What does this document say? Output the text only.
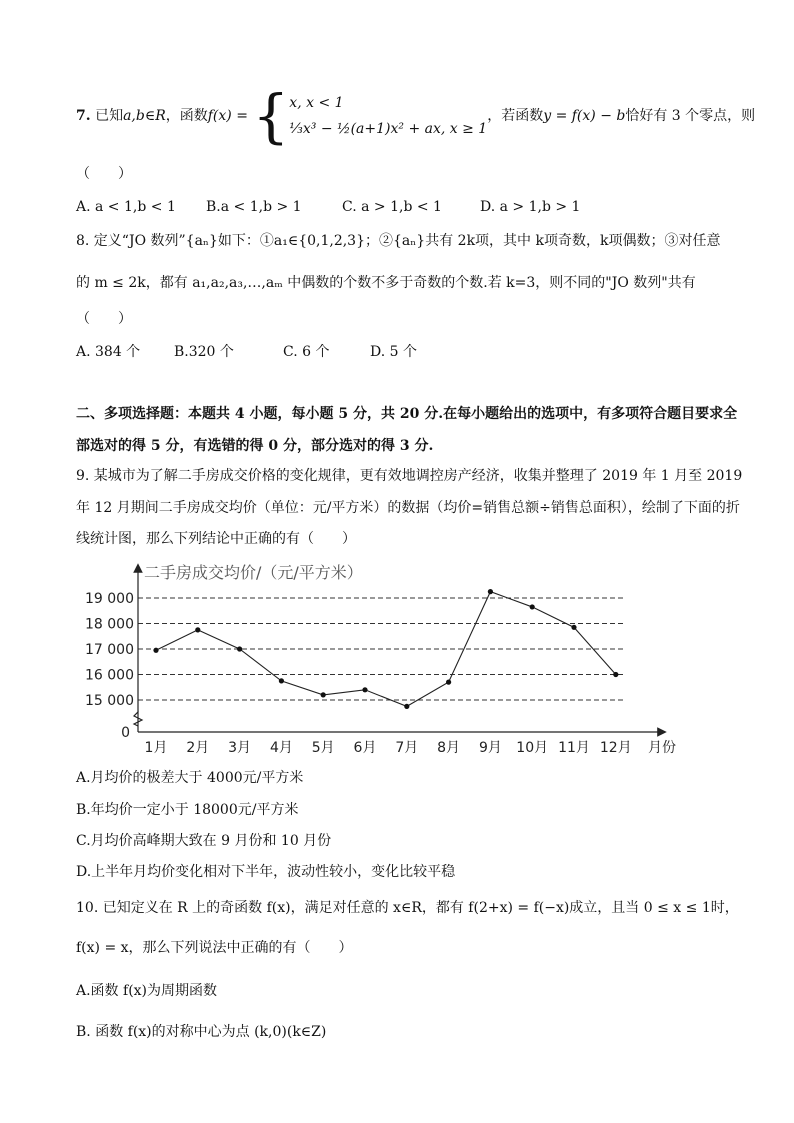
7. 已知a,b∈R，函数f(x) = { x, x < 1
⅓x³ − ½(a+1)x² + ax, x ≥ 1
，若函数y = f(x) − b恰好有 3 个零点，则
（　　）
A. a < 1,b < 1 B.a < 1,b > 1	C. a > 1,b < 1	D. a > 1,b > 1
8. 定义“JO 数列”{aₙ}如下：①a₁∈{0,1,2,3}；②{aₙ}共有 2k项，其中 k项奇数，k项偶数；③对任意
的 m ≤ 2k，都有 a₁,a₂,a₃,…,aₘ 中偶数的个数不多于奇数的个数.若 k=3，则不同的"JO 数列"共有
（　　）
A. 384 个 B.320 个	C. 6 个	D. 5 个
二、多项选择题：本题共 4 小题，每小题 5 分，共 20 分.在每小题给出的选项中，有多项符合题目要求全
部选对的得 5 分，有选错的得 0 分，部分选对的得 3 分.
9. 某城市为了解二手房成交价格的变化规律，更有效地调控房产经济，收集并整理了 2019 年 1 月至 2019
年 12 月期间二手房成交均价（单位：元/平方米）的数据（均价=销售总额÷销售总面积），绘制了下面的折
线统计图，那么下列结论中正确的有（　　）
19 000
18 000
17 000
16 000
15 000
0
二手房成交均价/（元/平方米）
1月 2月 3月 4月 5月 6月 7月 8月 9月 10月 11月 12月 月份
A.月均价的极差大于 4000元/平方米
B.年均价一定小于 18000元/平方米
C.月均价高峰期大致在 9 月份和 10 月份
D.上半年月均价变化相对下半年，波动性较小，变化比较平稳
10. 已知定义在 R 上的奇函数 f(x)，满足对任意的 x∈R，都有 f(2+x) = f(−x)成立，且当 0 ≤ x ≤ 1时，
f(x) = x，那么下列说法中正确的有（　　）
A.函数 f(x)为周期函数
B. 函数 f(x)的对称中心为点 (k,0)(k∈Z)
